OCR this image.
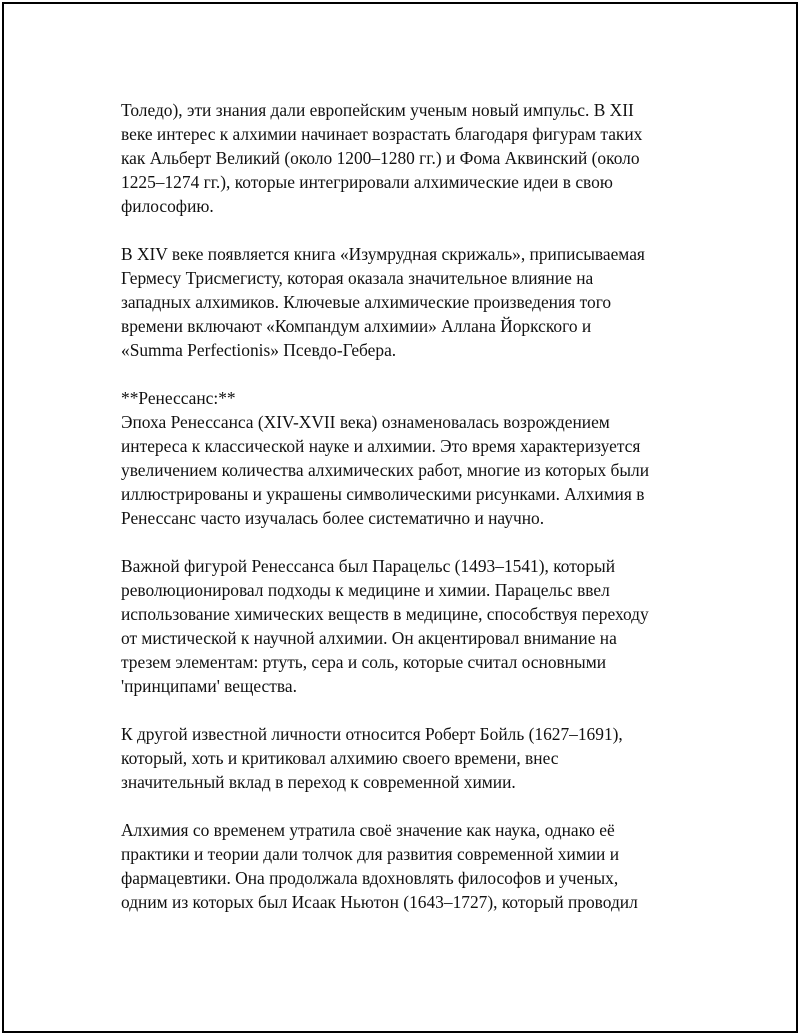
Толедо), эти знания дали европейским ученым новый импульс. В XII
веке интерес к алхимии начинает возрастать благодаря фигурам таких
как Альберт Великий (около 1200–1280 гг.) и Фома Аквинский (около
1225–1274 гг.), которые интегрировали алхимические идеи в свою
философию.

В XIV веке появляется книга «Изумрудная скрижаль», приписываемая
Гермесу Трисмегисту, которая оказала значительное влияние на
западных алхимиков. Ключевые алхимические произведения того
времени включают «Компандум алхимии» Аллана Йоркского и
«Summa Perfectionis» Псевдо-Гебера.

**Ренессанс:**
Эпоха Ренессанса (XIV-XVII века) ознаменовалась возрождением
интереса к классической науке и алхимии. Это время характеризуется
увеличением количества алхимических работ, многие из которых были
иллюстрированы и украшены символическими рисунками. Алхимия в
Ренессанс часто изучалась более систематично и научно.

Важной фигурой Ренессанса был Парацельс (1493–1541), который
революционировал подходы к медицине и химии. Парацельс ввел
использование химических веществ в медицине, способствуя переходу
от мистической к научной алхимии. Он акцентировал внимание на
трезем элементам: ртуть, сера и соль, которые считал основными
'принципами' вещества.

К другой известной личности относится Роберт Бойль (1627–1691),
который, хоть и критиковал алхимию своего времени, внес
значительный вклад в переход к современной химии.

Алхимия со временем утратила своё значение как наука, однако её
практики и теории дали толчок для развития современной химии и
фармацевтики. Она продолжала вдохновлять философов и ученых,
одним из которых был Исаак Ньютон (1643–1727), который проводил
